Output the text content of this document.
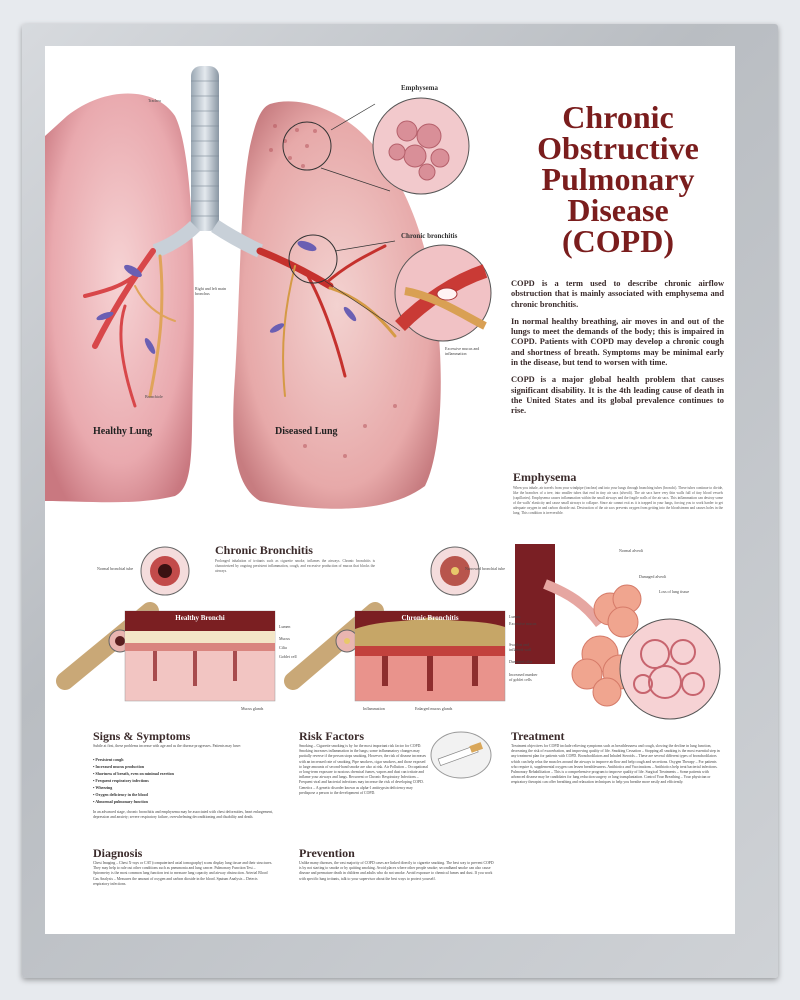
Trachea
Emphysema
Chronic bronchitis
Right and left main bronchus
Bronchiole
Excessive mucus and inflammation
Healthy Lung	Diseased Lung
Chronic
Obstructive
Pulmonary
Disease
(COPD)

COPD is a term used to describe chronic airflow obstruction that is mainly associated with emphysema and chronic bronchitis.

In normal healthy breathing, air moves in and out of the lungs to meet the demands of the body; this is impaired in COPD. Patients with COPD may develop a chronic cough and shortness of breath. Symptoms may be minimal early in the disease, but tend to worsen with time.

COPD is a major global health problem that causes significant disability. It is the 4th leading cause of death in the United States and its global prevalence continues to rise.

Emphysema
When you inhale, air travels from your windpipe (trachea) and into your lungs through branching tubes (bronchi). These tubes continue to divide, like the branches of a tree, into smaller tubes that end in tiny air sacs (alveoli). The air sacs have very thin walls full of tiny blood vessels (capillaries). Emphysema causes inflammation within the small airways and the fragile walls of the air sacs. This inflammation can destroy some of the walls' elasticity and cause small airways to collapse. Since air cannot exit as it is trapped in your lungs, forcing you to work harder to get adequate oxygen in and carbon dioxide out. Destruction of the air sacs prevents oxygen from getting into the bloodstream and causes holes in the lung. This condition is irreversible.
Normal alveoli
Damaged alveoli
Loss of lung tissue
Chronic Bronchitis
Prolonged inhalation of irritants such as cigarette smoke, inflames the airways. Chronic bronchitis is characterized by ongoing persistent inflammation, cough, and excessive production of mucus that blocks the airways.
Healthy Bronchi	Chronic Bronchitis
Normal bronchial tube	Narrowed bronchial tube
Lumen
Mucus
Cilia
Goblet cell
Mucus glands
Excessive mucus
Swollen and inflamed wall
Damaged cilia
Increased number of goblet cells
Inflammation	Enlarged mucus glands
Lumen
Signs & Symptoms
Subtle at first, these problems increase with age and as the disease progresses. Patients may have:
• Persistent cough
• Increased mucus production
• Shortness of breath, even on minimal exertion
• Frequent respiratory infections
• Wheezing
• Oxygen deficiency in the blood
• Abnormal pulmonary function
In an advanced stage, chronic bronchitis and emphysema may be associated with chest deformities, heart enlargement, depression and anxiety; severe respiratory failure, overwhelming deconditioning and disability and death.
Diagnosis
Chest Imaging – Chest X-rays or CAT (computerized axial tomography) scans display lung tissue and their structures. They may help to rule out other conditions such as pneumonia and lung cancer. Pulmonary Function Test – Spirometry is the most common lung function test to measure lung capacity and airway obstruction. Arterial Blood Gas Analysis – Measures the amount of oxygen and carbon dioxide in the blood. Sputum Analysis – Detects respiratory infections.
Risk Factors
Smoking – Cigarette smoking is by far the most important risk factor for COPD. Smoking increases inflammation in the lungs; some inflammatory changes may partially reverse if the person stops smoking. However, the risk of disease increases with an increased rate of smoking. Pipe smokers, cigar smokers, and those exposed to large amounts of second-hand smoke are also at risk. Air Pollution – Occupational or long-term exposure to noxious chemical fumes, vapors and dust can irritate and inflame your airways and lungs. Recurrent or Chronic Respiratory Infections – Frequent viral and bacterial infections may increase the risk of developing COPD. Genetics – A genetic disorder known as alpha-1 antitrypsin deficiency may predispose a person to the development of COPD.
Prevention
Unlike many diseases, the vast majority of COPD cases are linked directly to cigarette smoking. The best way to prevent COPD is by not starting to smoke or by quitting smoking. Avoid places where other people smoke; secondhand smoke can also cause disease and premature death in children and adults who do not smoke. Avoid exposure to chemical fumes and dust. If you work with specific lung irritants, talk to your supervisor about the best ways to protect yourself.
Treatment
Treatment objectives for COPD include relieving symptoms such as breathlessness and cough, slowing the decline in lung function, decreasing the risk of exacerbation, and improving quality of life. Smoking Cessation – Stopping all smoking is the most essential step in any treatment plan for patients with COPD. Bronchodilators and Inhaled Steroids – These are several different types of bronchodilators which can help relax the muscles around the airways to improve airflow and help cough and secretions. Oxygen Therapy – For patients who require it, supplemental oxygen can lessen breathlessness. Antibiotics and Vaccinations – Antibiotics help treat bacterial infections. Pulmonary Rehabilitation – This is a comprehensive program to improve quality of life. Surgical Treatments – Some patients with advanced disease may be candidates for lung reduction surgery or lung transplantation. Control Your Breathing – Your physician or respiratory therapist can offer breathing and relaxation techniques to help you breathe more easily and efficiently.
